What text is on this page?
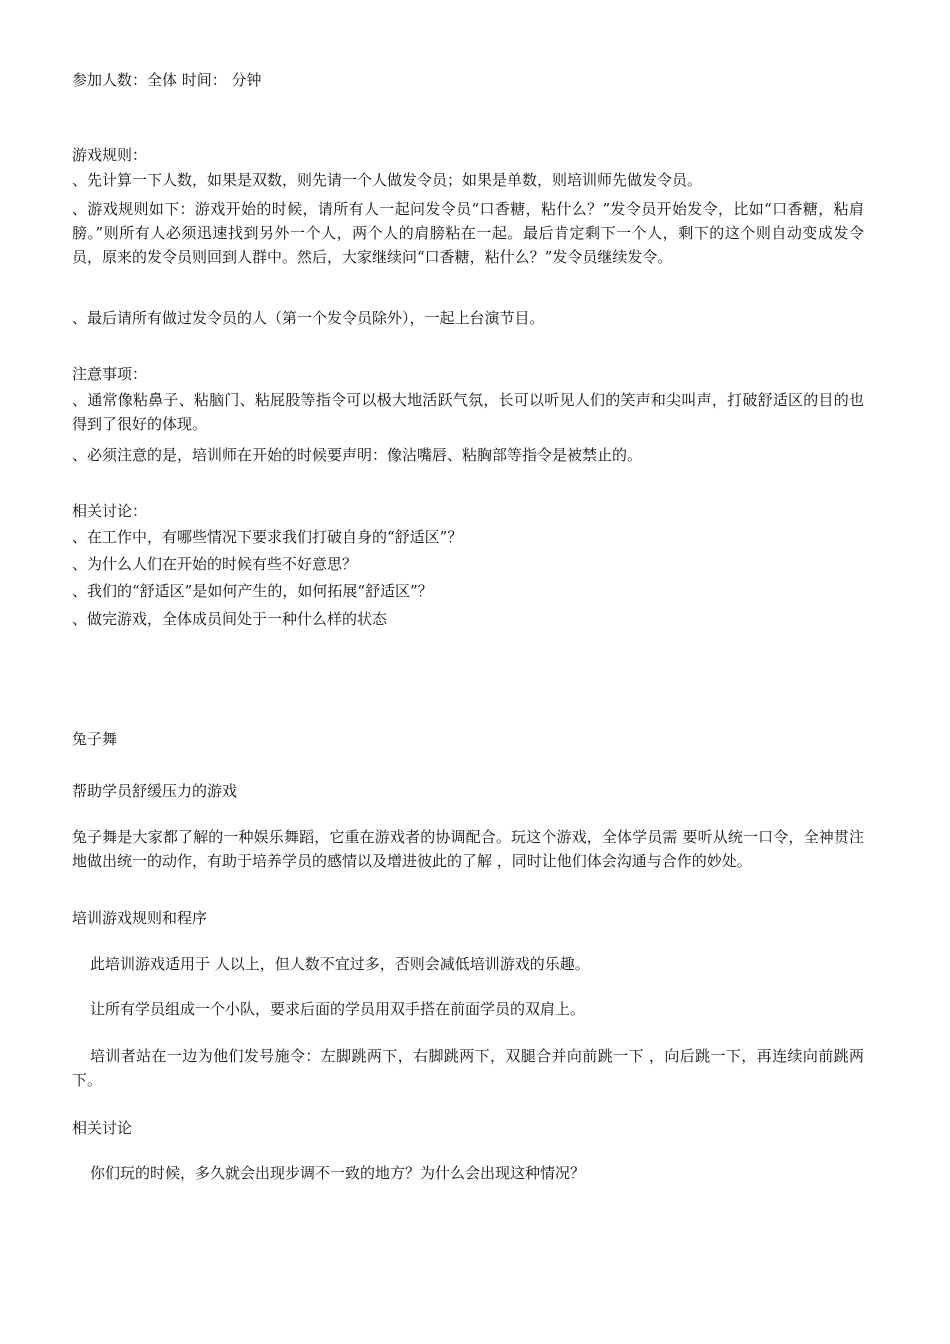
参加人数：全体 时间： 分钟
游戏规则：
、先计算一下人数，如果是双数，则先请一个人做发令员；如果是单数，则培训师先做发令员。
、游戏规则如下：游戏开始的时候，请所有人一起问发令员“口香糖，粘什么？”发令员开始发令，比如“口香糖，粘肩膀。”则所有人必须迅速找到另外一个人，两个人的肩膀粘在一起。最后肯定剩下一个人，剩下的这个则自动变成发令员，原来的发令员则回到人群中。然后，大家继续问“口香糖，粘什么？”发令员继续发令。
、最后请所有做过发令员的人（第一个发令员除外），一起上台演节目。
注意事项：
、通常像粘鼻子、粘脑门、粘屁股等指令可以极大地活跃气氛，长可以听见人们的笑声和尖叫声，打破舒适区的目的也得到了很好的体现。
、必须注意的是，培训师在开始的时候要声明：像沾嘴唇、粘胸部等指令是被禁止的。
相关讨论：
、在工作中，有哪些情况下要求我们打破自身的“舒适区”？
、为什么人们在开始的时候有些不好意思？
、我们的“舒适区”是如何产生的，如何拓展“舒适区”？
、做完游戏，全体成员间处于一种什么样的状态
兔子舞
帮助学员舒缓压力的游戏
兔子舞是大家都了解的一种娱乐舞蹈，它重在游戏者的协调配合。玩这个游戏，全体学员需 要听从统一口令，全神贯注地做出统一的动作，有助于培养学员的感情以及增进彼此的了解 ，同时让他们体会沟通与合作的妙处。
培训游戏规则和程序
此培训游戏适用于 人以上，但人数不宜过多，否则会减低培训游戏的乐趣。
让所有学员组成一个小队，要求后面的学员用双手搭在前面学员的双肩上。
培训者站在一边为他们发号施令：左脚跳两下，右脚跳两下，双腿合并向前跳一下 ，向后跳一下，再连续向前跳两下。
相关讨论
你们玩的时候，多久就会出现步调不一致的地方？为什么会出现这种情况？
